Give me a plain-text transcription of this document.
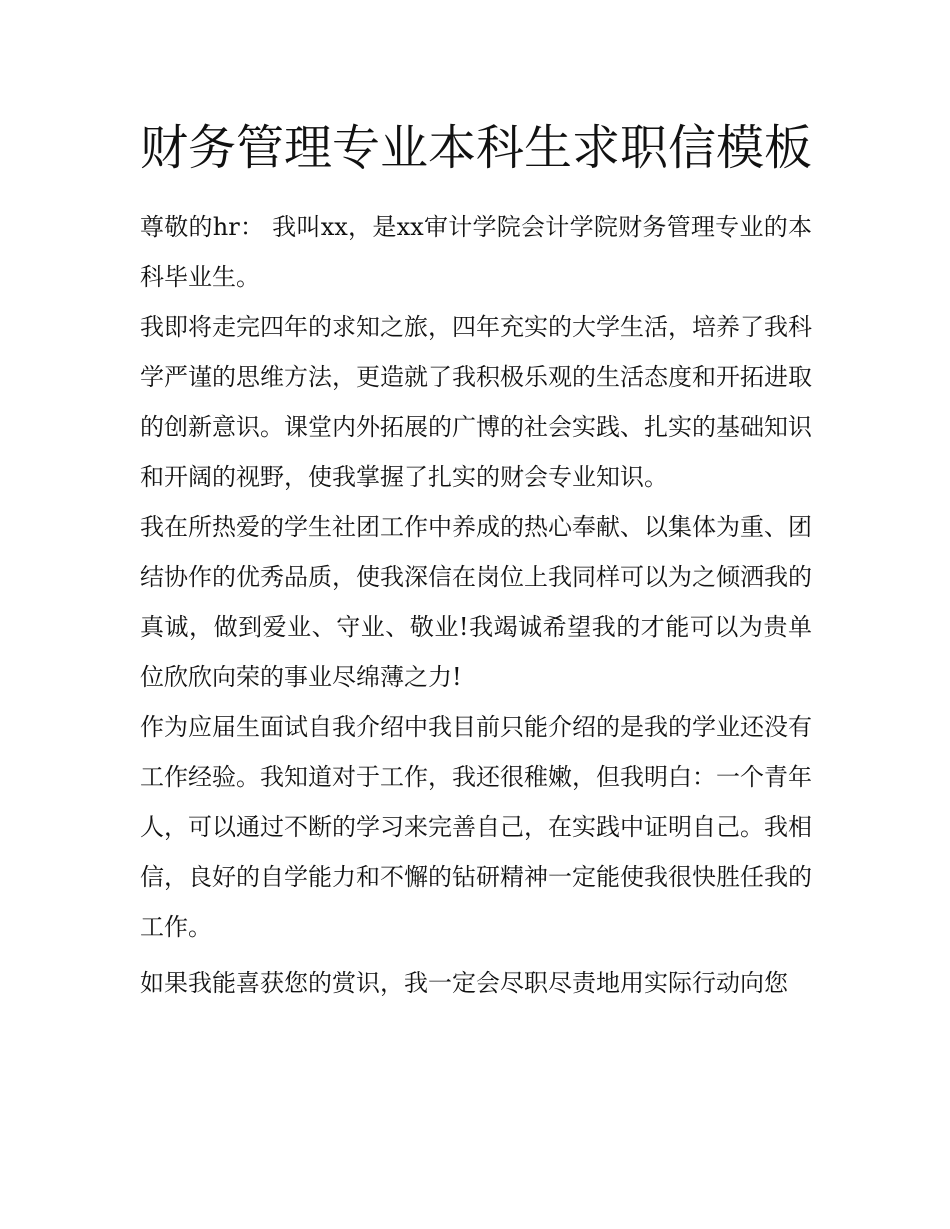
财务管理专业本科生求职信模板

尊敬的hr： 我叫xx，是xx审计学院会计学院财务管理专业的本科毕业生。

我即将走完四年的求知之旅，四年充实的大学生活，培养了我科学严谨的思维方法，更造就了我积极乐观的生活态度和开拓进取的创新意识。课堂内外拓展的广博的社会实践、扎实的基础知识和开阔的视野，使我掌握了扎实的财会专业知识。

我在所热爱的学生社团工作中养成的热心奉献、以集体为重、团结协作的优秀品质，使我深信在岗位上我同样可以为之倾洒我的真诚，做到爱业、守业、敬业!我竭诚希望我的才能可以为贵单位欣欣向荣的事业尽绵薄之力!

作为应届生面试自我介绍中我目前只能介绍的是我的学业还没有工作经验。我知道对于工作，我还很稚嫩，但我明白：一个青年人，可以通过不断的学习来完善自己，在实践中证明自己。我相信，良好的自学能力和不懈的钻研精神一定能使我很快胜任我的工作。

如果我能喜获您的赏识，我一定会尽职尽责地用实际行动向您
